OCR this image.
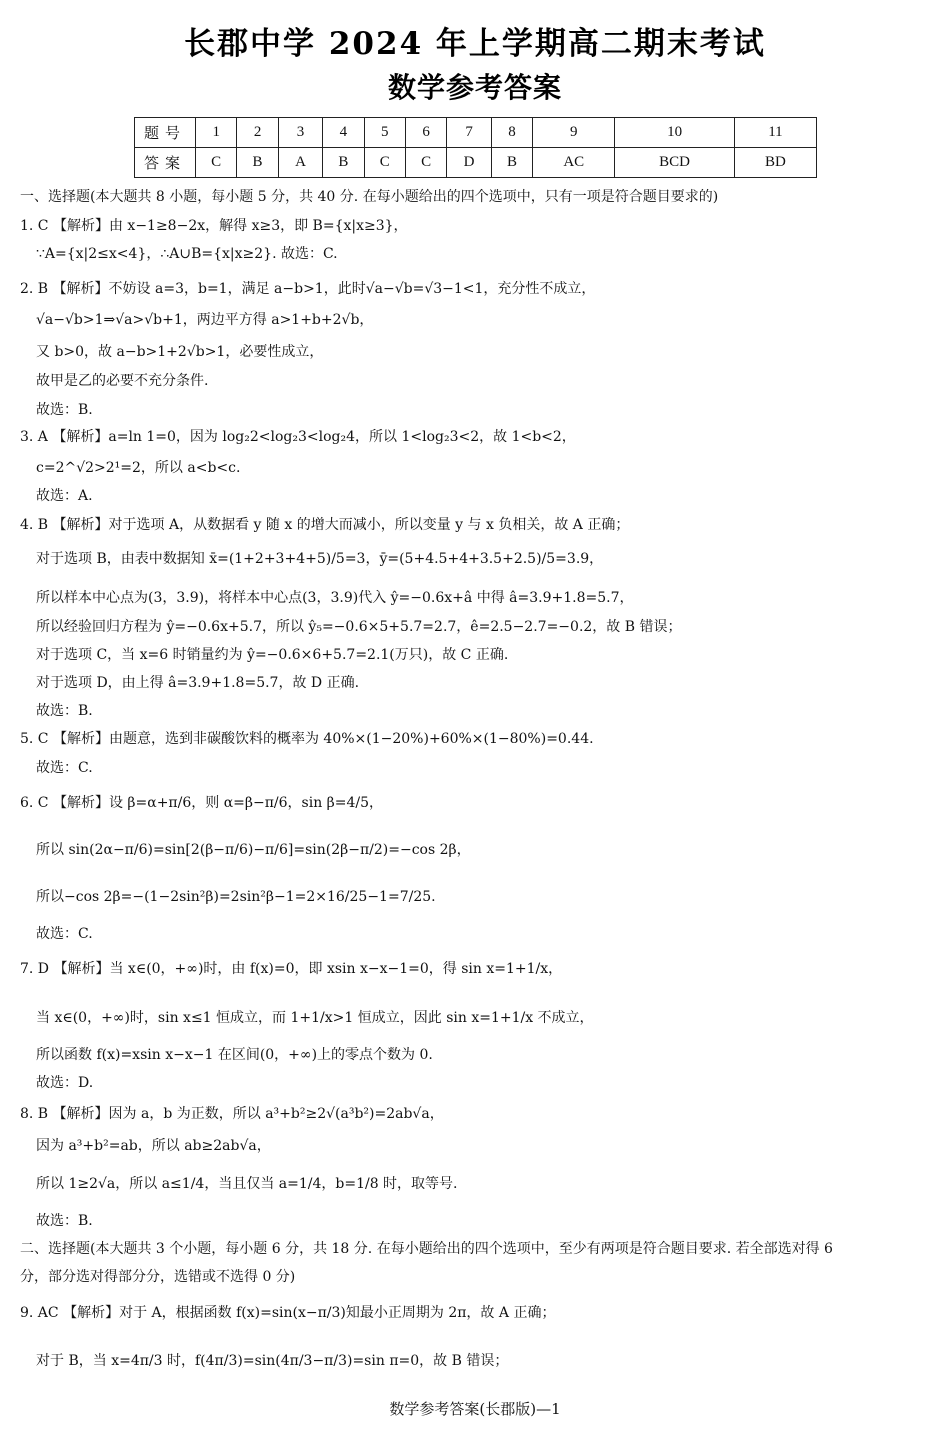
长郡中学 2024 年上学期高二期末考试
数学参考答案
题号	1	2	3	4	5	6	7	8	9	10	11
答案	C	B	A	B	C	C	D	B	AC	BCD	BD
一、选择题(本大题共 8 小题，每小题 5 分，共 40 分. 在每小题给出的四个选项中，只有一项是符合题目要求的)
1. C 【解析】由 x−1≥8−2x，解得 x≥3，即 B={x|x≥3}，
∵A={x|2≤x<4}，∴A∪B={x|x≥2}. 故选：C.
2. B 【解析】不妨设 a=3，b=1，满足 a−b>1，此时√a−√b=√3−1<1，充分性不成立，
√a−√b>1⇒√a>√b+1，两边平方得 a>1+b+2√b，
又 b>0，故 a−b>1+2√b>1，必要性成立，
故甲是乙的必要不充分条件.
故选：B.
3. A 【解析】a=ln 1=0，因为 log₂2<log₂3<log₂4，所以 1<log₂3<2，故 1<b<2，
c=2^√2>2¹=2，所以 a<b<c.
故选：A.
4. B 【解析】对于选项 A，从数据看 y 随 x 的增大而减小，所以变量 y 与 x 负相关，故 A 正确；
对于选项 B，由表中数据知 x̄=(1+2+3+4+5)/5=3，ȳ=(5+4.5+4+3.5+2.5)/5=3.9，
所以样本中心点为(3，3.9)，将样本中心点(3，3.9)代入 ŷ=−0.6x+â 中得 â=3.9+1.8=5.7，
所以经验回归方程为 ŷ=−0.6x+5.7，所以 ŷ₅=−0.6×5+5.7=2.7，ê=2.5−2.7=−0.2，故 B 错误；
对于选项 C，当 x=6 时销量约为 ŷ=−0.6×6+5.7=2.1(万只)，故 C 正确.
对于选项 D，由上得 â=3.9+1.8=5.7，故 D 正确.
故选：B.
5. C 【解析】由题意，选到非碳酸饮料的概率为 40%×(1−20%)+60%×(1−80%)=0.44.
故选：C.
6. C 【解析】设 β=α+π/6，则 α=β−π/6，sin β=4/5，
所以 sin(2α−π/6)=sin[2(β−π/6)−π/6]=sin(2β−π/2)=−cos 2β，
所以−cos 2β=−(1−2sin²β)=2sin²β−1=2×16/25−1=7/25.
故选：C.
7. D 【解析】当 x∈(0，+∞)时，由 f(x)=0，即 xsin x−x−1=0，得 sin x=1+1/x，
当 x∈(0，+∞)时，sin x≤1 恒成立，而 1+1/x>1 恒成立，因此 sin x=1+1/x 不成立，
所以函数 f(x)=xsin x−x−1 在区间(0，+∞)上的零点个数为 0.
故选：D.
8. B 【解析】因为 a，b 为正数，所以 a³+b²≥2√(a³b²)=2ab√a，
因为 a³+b²=ab，所以 ab≥2ab√a，
所以 1≥2√a，所以 a≤1/4，当且仅当 a=1/4，b=1/8 时，取等号.
故选：B.
二、选择题(本大题共 3 个小题，每小题 6 分，共 18 分. 在每小题给出的四个选项中，至少有两项是符合题目要求. 若全部选对得 6
分，部分选对得部分分，选错或不选得 0 分)
9. AC 【解析】对于 A，根据函数 f(x)=sin(x−π/3)知最小正周期为 2π，故 A 正确；
对于 B，当 x=4π/3 时，f(4π/3)=sin(4π/3−π/3)=sin π=0，故 B 错误；
数学参考答案(长郡版)—1
